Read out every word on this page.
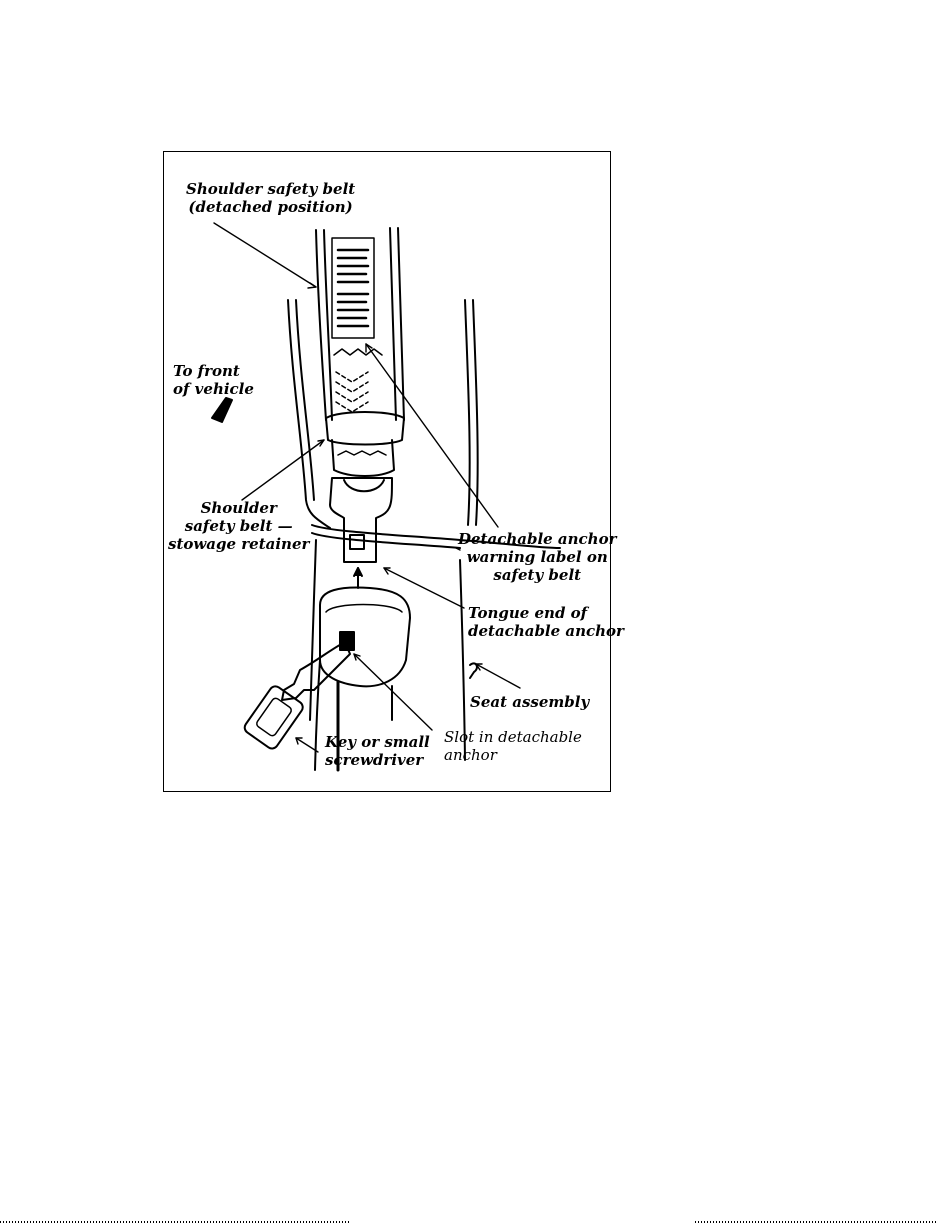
Shoulder safety belt
(detached position)
To front
of vehicle
Shoulder
safety belt —
stowage retainer	Detachable anchor
warning label on
safety belt
Tongue end of
detachable anchor
Seat assembly
Slot in detachable
anchor
Key or small
screwdriver
